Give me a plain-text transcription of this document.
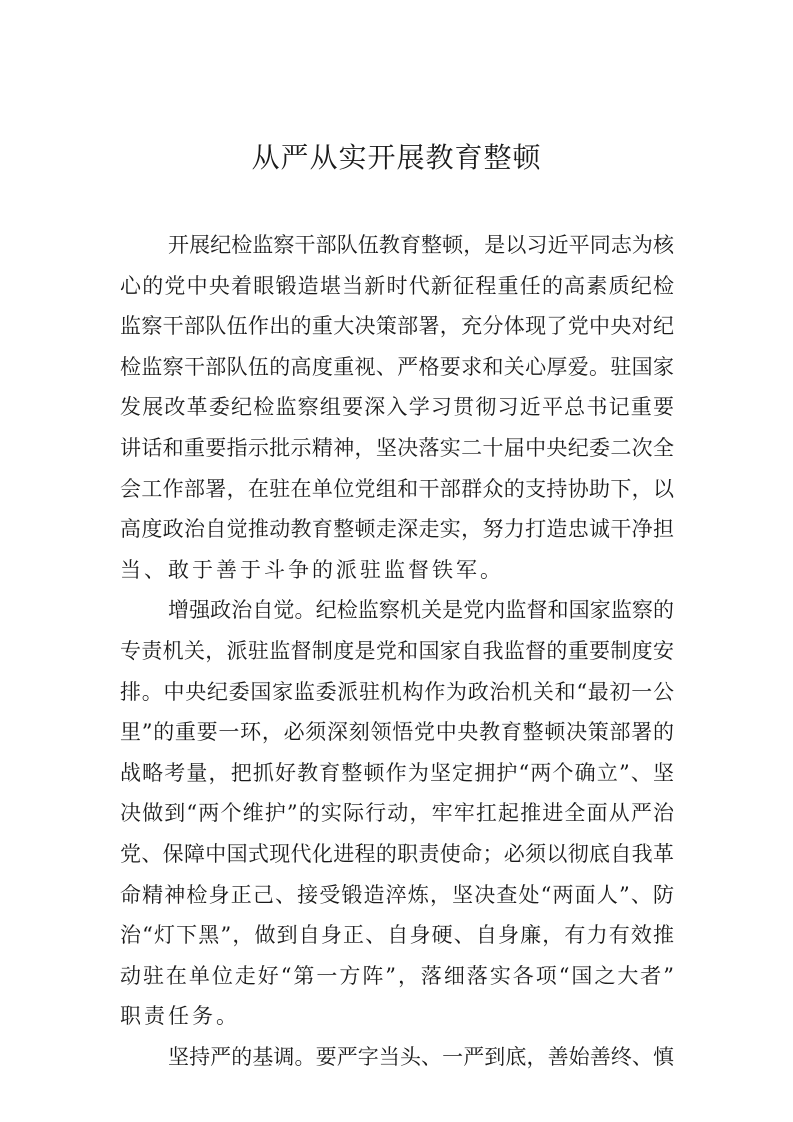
从严从实开展教育整顿
开展纪检监察干部队伍教育整顿，是以习近平同志为核
心的党中央着眼锻造堪当新时代新征程重任的高素质纪检
监察干部队伍作出的重大决策部署，充分体现了党中央对纪
检监察干部队伍的高度重视、严格要求和关心厚爱。驻国家
发展改革委纪检监察组要深入学习贯彻习近平总书记重要
讲话和重要指示批示精神，坚决落实二十届中央纪委二次全
会工作部署，在驻在单位党组和干部群众的支持协助下，以
高度政治自觉推动教育整顿走深走实，努力打造忠诚干净担
当、敢于善于斗争的派驻监督铁军。
增强政治自觉。纪检监察机关是党内监督和国家监察的
专责机关，派驻监督制度是党和国家自我监督的重要制度安
排。中央纪委国家监委派驻机构作为政治机关和“最初一公
里”的重要一环，必须深刻领悟党中央教育整顿决策部署的
战略考量，把抓好教育整顿作为坚定拥护“两个确立”、坚
决做到“两个维护”的实际行动，牢牢扛起推进全面从严治
党、保障中国式现代化进程的职责使命；必须以彻底自我革
命精神检身正己、接受锻造淬炼，坚决查处“两面人”、防
治“灯下黑”，做到自身正、自身硬、自身廉，有力有效推
动驻在单位走好“第一方阵”，落细落实各项“国之大者”
职责任务。
坚持严的基调。要严字当头、一严到底，善始善终、慎
